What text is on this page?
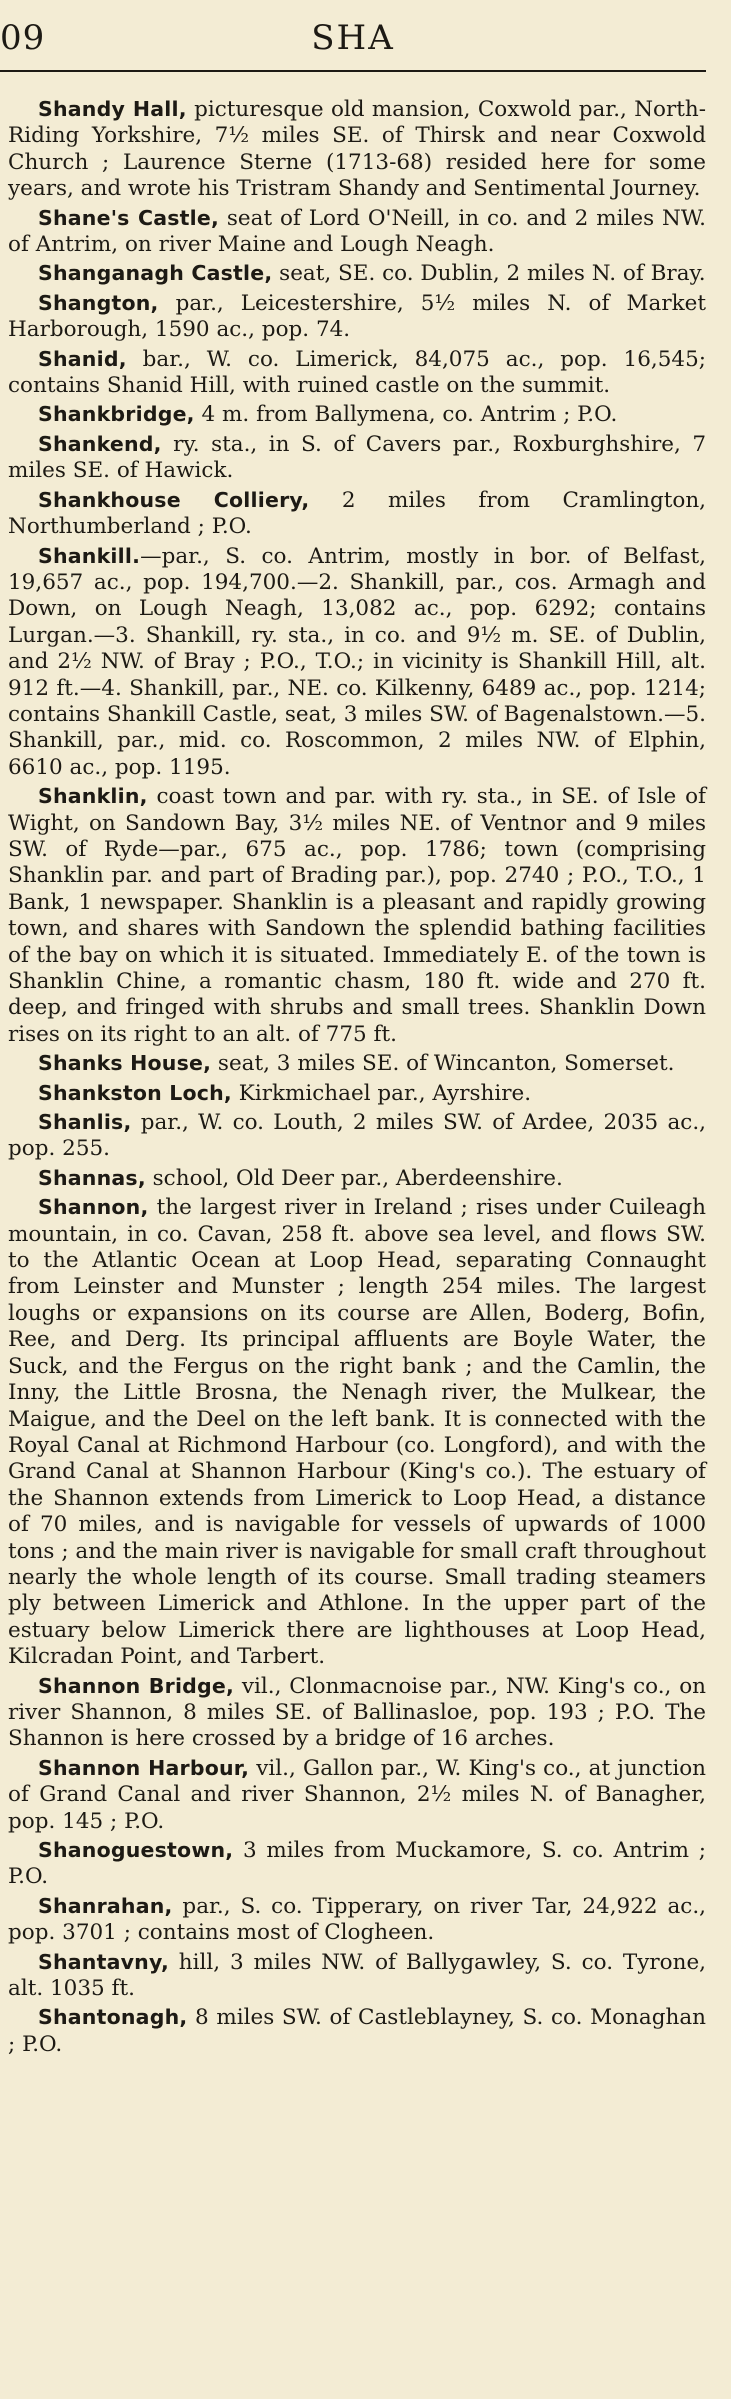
09	SHA

Shandy Hall, picturesque old mansion, Coxwold par., North-Riding Yorkshire, 7½ miles SE. of Thirsk and near Coxwold Church ; Laurence Sterne (1713-68) resided here for some years, and wrote his Tristram Shandy and Sentimental Journey.

Shane's Castle, seat of Lord O'Neill, in co. and 2 miles NW. of Antrim, on river Maine and Lough Neagh.

Shanganagh Castle, seat, SE. co. Dublin, 2 miles N. of Bray.

Shangton, par., Leicestershire, 5½ miles N. of Market Harborough, 1590 ac., pop. 74.

Shanid, bar., W. co. Limerick, 84,075 ac., pop. 16,545; contains Shanid Hill, with ruined castle on the summit.

Shankbridge, 4 m. from Ballymena, co. Antrim ; P.O.

Shankend, ry. sta., in S. of Cavers par., Roxburghshire, 7 miles SE. of Hawick.

Shankhouse Colliery, 2 miles from Cramlington, Northumberland ; P.O.

Shankill.—par., S. co. Antrim, mostly in bor. of Belfast, 19,657 ac., pop. 194,700.—2. Shankill, par., cos. Armagh and Down, on Lough Neagh, 13,082 ac., pop. 6292; contains Lurgan.—3. Shankill, ry. sta., in co. and 9½ m. SE. of Dublin, and 2½ NW. of Bray ; P.O., T.O.; in vicinity is Shankill Hill, alt. 912 ft.—4. Shankill, par., NE. co. Kilkenny, 6489 ac., pop. 1214; contains Shankill Castle, seat, 3 miles SW. of Bagenalstown.—5. Shankill, par., mid. co. Roscommon, 2 miles NW. of Elphin, 6610 ac., pop. 1195.

Shanklin, coast town and par. with ry. sta., in SE. of Isle of Wight, on Sandown Bay, 3½ miles NE. of Ventnor and 9 miles SW. of Ryde—par., 675 ac., pop. 1786; town (comprising Shanklin par. and part of Brading par.), pop. 2740 ; P.O., T.O., 1 Bank, 1 newspaper. Shanklin is a pleasant and rapidly growing town, and shares with Sandown the splendid bathing facilities of the bay on which it is situated. Immediately E. of the town is Shanklin Chine, a romantic chasm, 180 ft. wide and 270 ft. deep, and fringed with shrubs and small trees. Shanklin Down rises on its right to an alt. of 775 ft.

Shanks House, seat, 3 miles SE. of Wincanton, Somerset.

Shankston Loch, Kirkmichael par., Ayrshire.

Shanlis, par., W. co. Louth, 2 miles SW. of Ardee, 2035 ac., pop. 255.

Shannas, school, Old Deer par., Aberdeenshire.

Shannon, the largest river in Ireland ; rises under Cuileagh mountain, in co. Cavan, 258 ft. above sea level, and flows SW. to the Atlantic Ocean at Loop Head, separating Connaught from Leinster and Munster ; length 254 miles. The largest loughs or expansions on its course are Allen, Boderg, Bofin, Ree, and Derg. Its principal affluents are Boyle Water, the Suck, and the Fergus on the right bank ; and the Camlin, the Inny, the Little Brosna, the Nenagh river, the Mulkear, the Maigue, and the Deel on the left bank. It is connected with the Royal Canal at Richmond Harbour (co. Longford), and with the Grand Canal at Shannon Harbour (King's co.). The estuary of the Shannon extends from Limerick to Loop Head, a distance of 70 miles, and is navigable for vessels of upwards of 1000 tons ; and the main river is navigable for small craft throughout nearly the whole length of its course. Small trading steamers ply between Limerick and Athlone. In the upper part of the estuary below Limerick there are lighthouses at Loop Head, Kilcradan Point, and Tarbert.

Shannon Bridge, vil., Clonmacnoise par., NW. King's co., on river Shannon, 8 miles SE. of Ballinasloe, pop. 193 ; P.O. The Shannon is here crossed by a bridge of 16 arches.

Shannon Harbour, vil., Gallon par., W. King's co., at junction of Grand Canal and river Shannon, 2½ miles N. of Banagher, pop. 145 ; P.O.

Shanoguestown, 3 miles from Muckamore, S. co. Antrim ; P.O.

Shanrahan, par., S. co. Tipperary, on river Tar, 24,922 ac., pop. 3701 ; contains most of Clogheen.

Shantavny, hill, 3 miles NW. of Ballygawley, S. co. Tyrone, alt. 1035 ft.

Shantonagh, 8 miles SW. of Castleblayney, S. co. Monaghan ; P.O.
